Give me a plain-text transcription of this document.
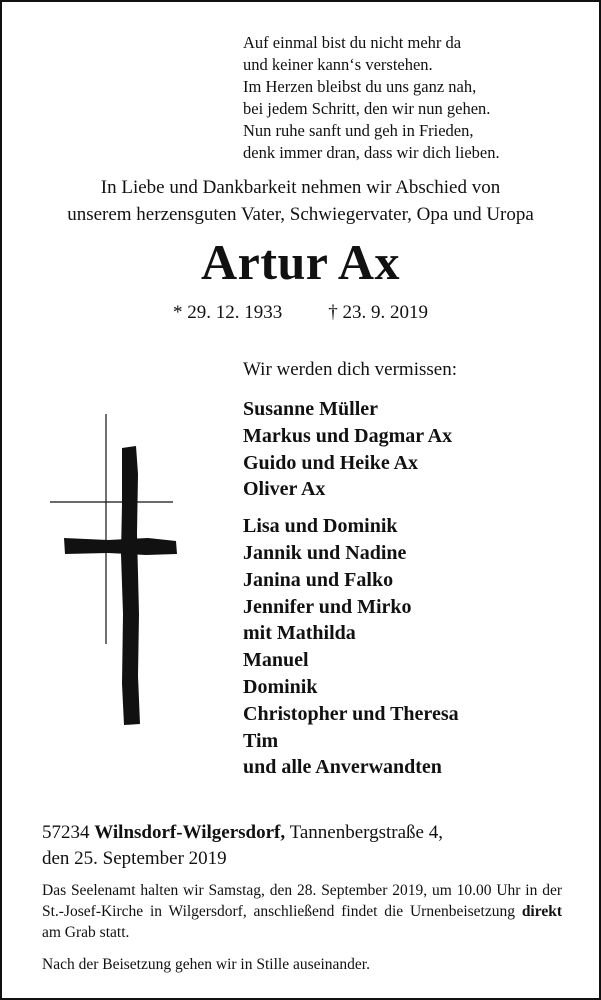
Auf einmal bist du nicht mehr da
und keiner kann‘s verstehen.
Im Herzen bleibst du uns ganz nah,
bei jedem Schritt, den wir nun gehen.
Nun ruhe sanft und geh in Frieden,
denk immer dran, dass wir dich lieben.
In Liebe und Dankbarkeit nehmen wir Abschied von
unserem herzensguten Vater, Schwiegervater, Opa und Uropa
Artur Ax
* 29. 12. 1933 † 23. 9. 2019
Wir werden dich vermissen:
Susanne Müller
Markus und Dagmar Ax
Guido und Heike Ax
Oliver Ax
Lisa und Dominik
Jannik und Nadine
Janina und Falko
Jennifer und Mirko
mit Mathilda
Manuel
Dominik
Christopher und Theresa
Tim
und alle Anverwandten
57234 Wilnsdorf-Wilgersdorf, Tannenbergstraße 4,
den 25. September 2019
Das Seelenamt halten wir Samstag, den 28. September 2019, um 10.00 Uhr in der St.-Josef-Kirche in Wilgersdorf, anschließend findet die Urnenbeisetzung direkt am Grab statt.
Nach der Beisetzung gehen wir in Stille auseinander.
